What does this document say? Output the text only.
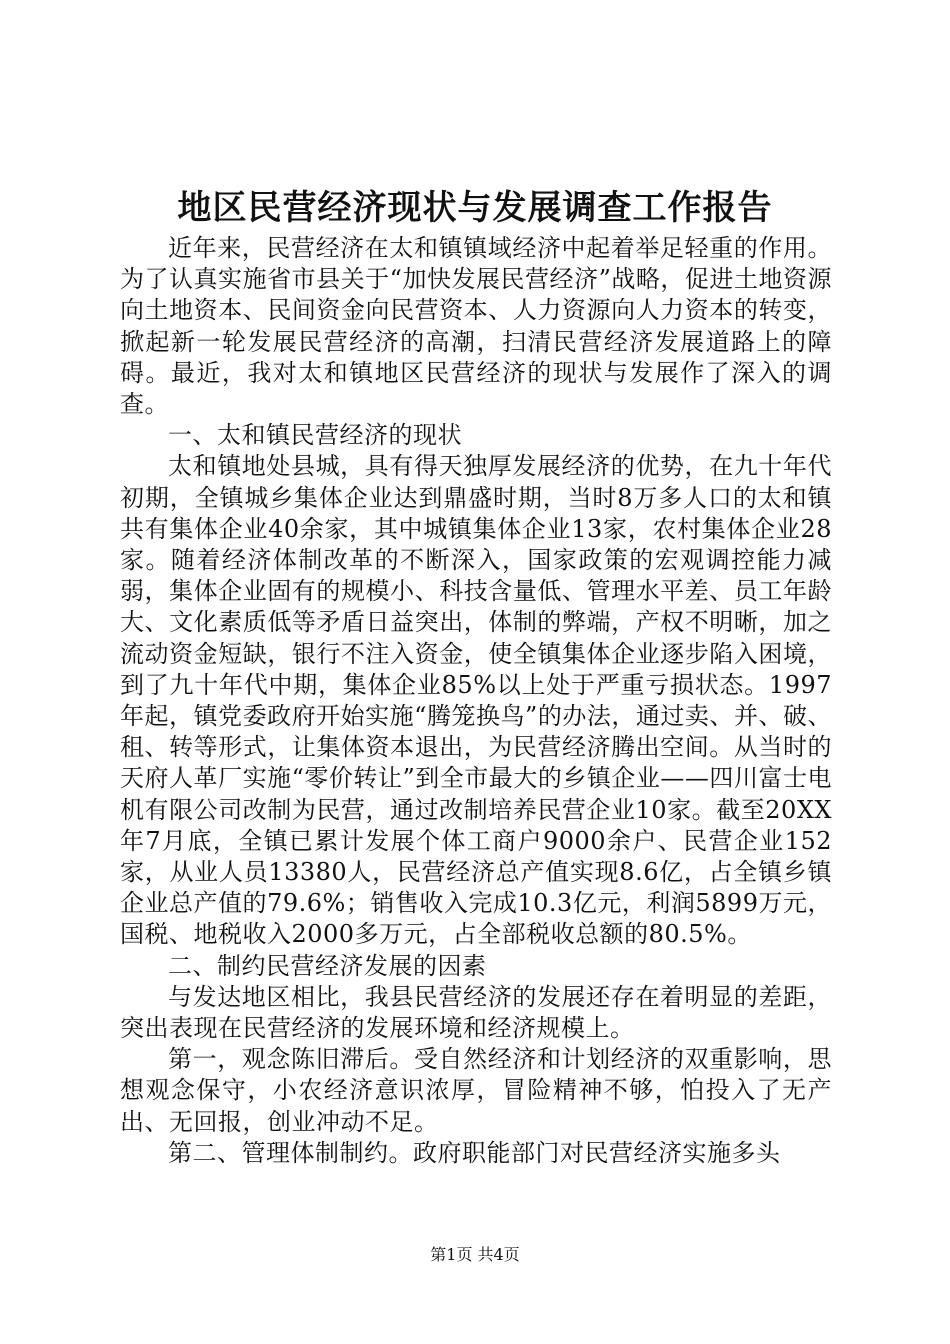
地区民营经济现状与发展调查工作报告

近年来，民营经济在太和镇镇域经济中起着举足轻重的作用。为了认真实施省市县关于“加快发展民营经济”战略，促进土地资源向土地资本、民间资金向民营资本、人力资源向人力资本的转变，掀起新一轮发展民营经济的高潮，扫清民营经济发展道路上的障碍。最近，我对太和镇地区民营经济的现状与发展作了深入的调查。

一、太和镇民营经济的现状

太和镇地处县城，具有得天独厚发展经济的优势，在九十年代初期，全镇城乡集体企业达到鼎盛时期，当时8万多人口的太和镇共有集体企业40余家，其中城镇集体企业13家，农村集体企业28家。随着经济体制改革的不断深入，国家政策的宏观调控能力减弱，集体企业固有的规模小、科技含量低、管理水平差、员工年龄大、文化素质低等矛盾日益突出，体制的弊端，产权不明晰，加之流动资金短缺，银行不注入资金，使全镇集体企业逐步陷入困境，到了九十年代中期，集体企业85%以上处于严重亏损状态。1997年起，镇党委政府开始实施“腾笼换鸟”的办法，通过卖、并、破、租、转等形式，让集体资本退出，为民营经济腾出空间。从当时的天府人革厂实施“零价转让”到全市最大的乡镇企业——四川富士电机有限公司改制为民营，通过改制培养民营企业10家。截至20XX年7月底，全镇已累计发展个体工商户9000余户、民营企业152家，从业人员13380人，民营经济总产值实现8.6亿，占全镇乡镇企业总产值的79.6%；销售收入完成10.3亿元，利润5899万元，国税、地税收入2000多万元，占全部税收总额的80.5%。

二、制约民营经济发展的因素

与发达地区相比，我县民营经济的发展还存在着明显的差距，突出表现在民营经济的发展环境和经济规模上。

第一，观念陈旧滞后。受自然经济和计划经济的双重影响，思想观念保守，小农经济意识浓厚，冒险精神不够，怕投入了无产出、无回报，创业冲动不足。

第二、管理体制制约。政府职能部门对民营经济实施多头

第1页 共4页
